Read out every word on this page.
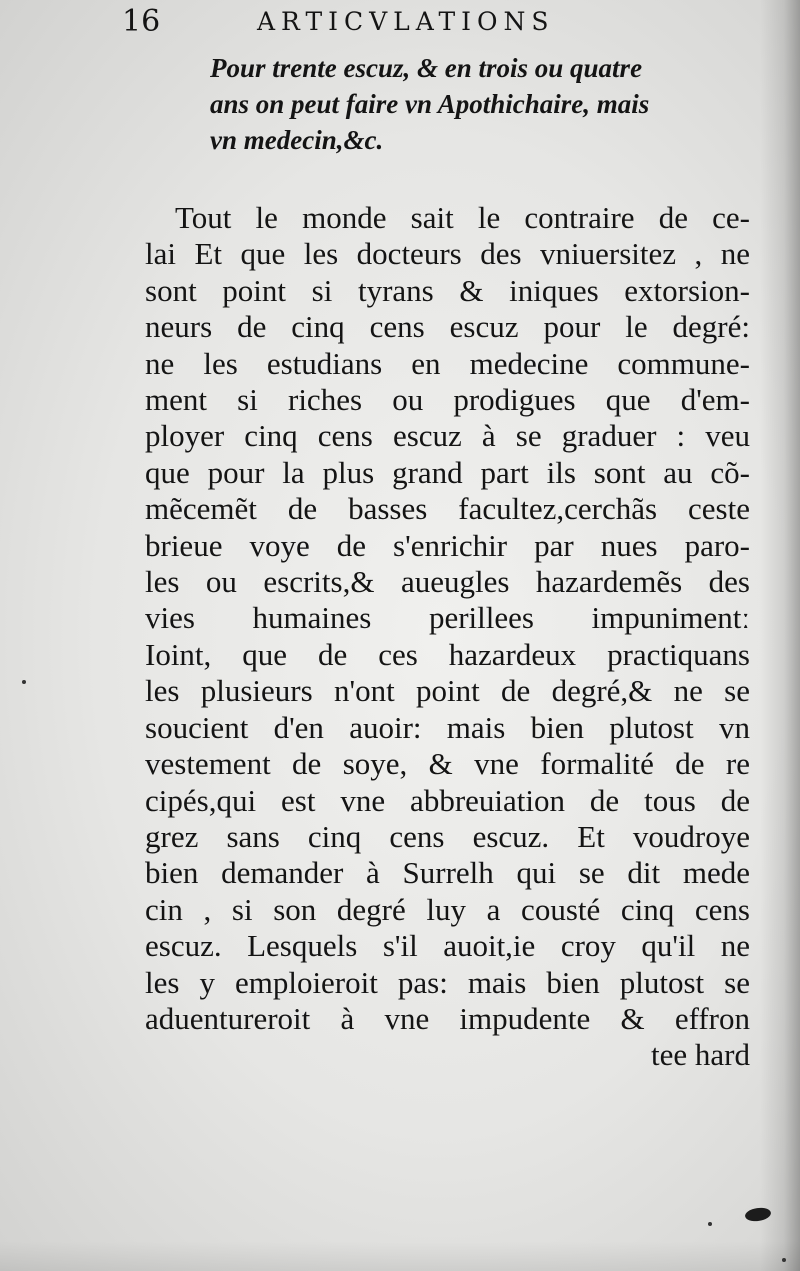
16	ARTICVLATIONS
Pour trente escuz, & en trois ou quatre
ans on peut faire vn Apothichaire, mais
vn medecin,&c.
Tout le monde sait le contraire de ce-
lai Et que les docteurs des vniuersitez , ne
sont point si tyrans & iniques extorsion-
neurs de cinq cens escuz pour le degré:
ne les estudians en medecine commune-
ment si riches ou prodigues que d'em-
ployer cinq cens escuz à se graduer : veu
que pour la plus grand part ils sont au cõ-
mẽcemẽt de basses facultez,cerchãs ceste
brieue voye de s'enrichir par nues paro-
les ou escrits,& aueugles hazardemẽs des
vies humaines perillees impunimentː
Ioint, que de ces hazardeux practiquans
les plusieurs n'ont point de degré,& ne se
soucient d'en auoir: mais bien plutost vn
vestement de soye, & vne formalité de re
cipés,qui est vne abbreuiation de tous de
grez sans cinq cens escuz. Et voudroye
bien demander à Surrelh qui se dit mede
cin , si son degré luy a cousté cinq cens
escuz. Lesquels s'il auoit,ie croy qu'il ne
les y emploieroit pas: mais bien plutost se
aduentureroit à vne impudente & effron
tee hard
